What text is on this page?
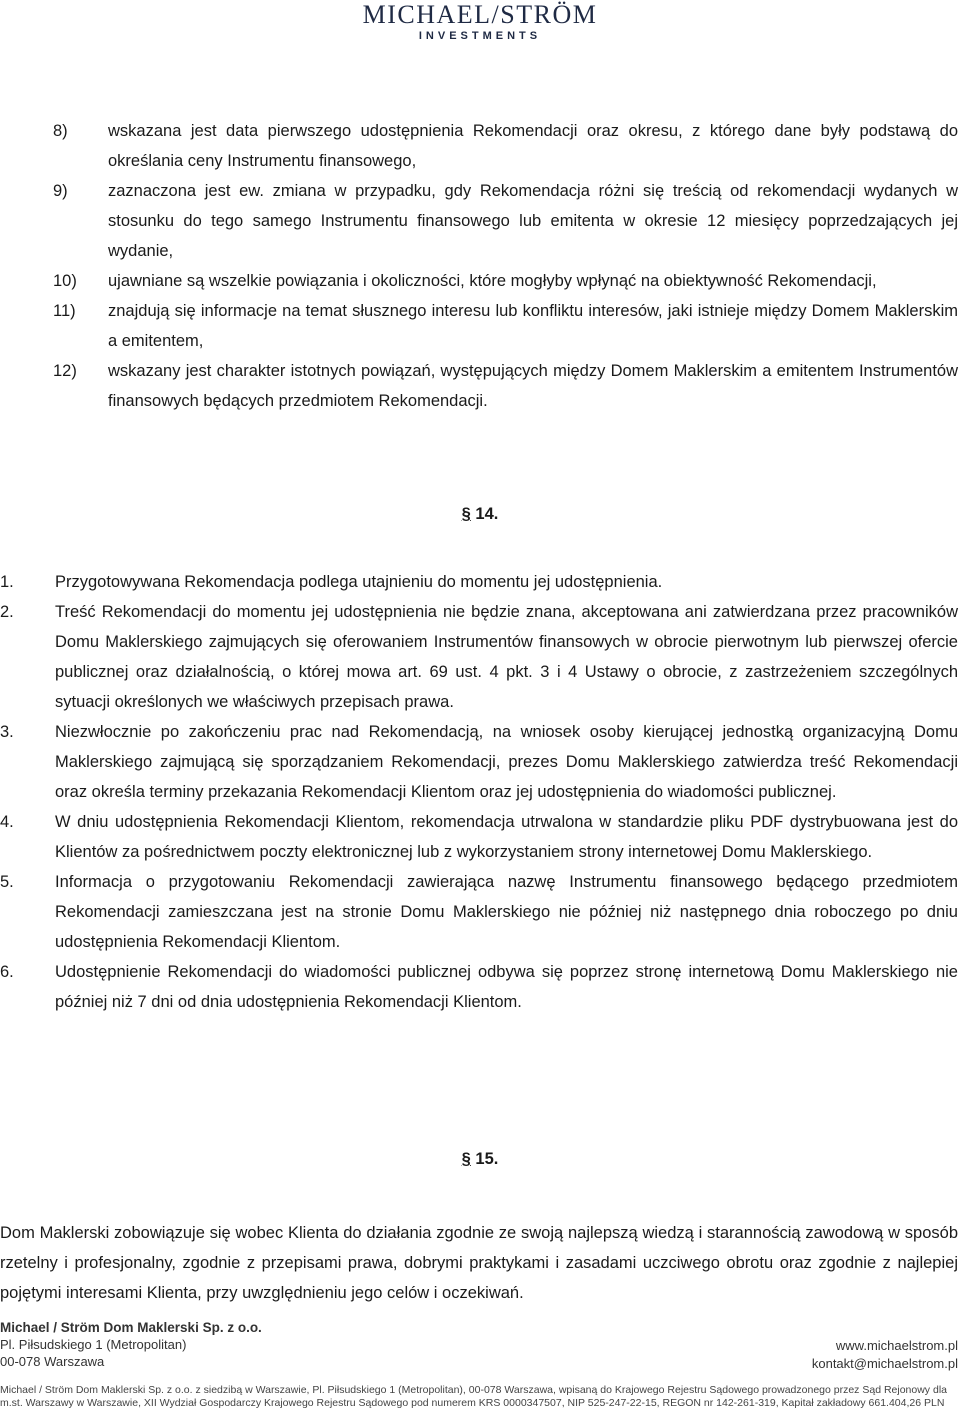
MICHAEL/STRÖM
INVESTMENTS
8) wskazana jest data pierwszego udostępnienia Rekomendacji oraz okresu, z którego dane były podstawą do określania ceny Instrumentu finansowego,
9) zaznaczona jest ew. zmiana w przypadku, gdy Rekomendacja różni się treścią od rekomendacji wydanych w stosunku do tego samego Instrumentu finansowego lub emitenta w okresie 12 miesięcy poprzedzających jej wydanie,
10) ujawniane są wszelkie powiązania i okoliczności, które mogłyby wpłynąć na obiektywność Rekomendacji,
11) znajdują się informacje na temat słusznego interesu lub konfliktu interesów, jaki istnieje między Domem Maklerskim a emitentem,
12) wskazany jest charakter istotnych powiązań, występujących między Domem Maklerskim a emitentem Instrumentów finansowych będących przedmiotem Rekomendacji.
§ 14.
1. Przygotowywana Rekomendacja podlega utajnieniu do momentu jej udostępnienia.
2. Treść Rekomendacji do momentu jej udostępnienia nie będzie znana, akceptowana ani zatwierdzana przez pracowników Domu Maklerskiego zajmujących się oferowaniem Instrumentów finansowych w obrocie pierwotnym lub pierwszej ofercie publicznej oraz działalnością, o której mowa art. 69 ust. 4 pkt. 3 i 4 Ustawy o obrocie, z zastrzeżeniem szczególnych sytuacji określonych we właściwych przepisach prawa.
3. Niezwłocznie po zakończeniu prac nad Rekomendacją, na wniosek osoby kierującej jednostką organizacyjną Domu Maklerskiego zajmującą się sporządzaniem Rekomendacji, prezes Domu Maklerskiego zatwierdza treść Rekomendacji oraz określa terminy przekazania Rekomendacji Klientom oraz jej udostępnienia do wiadomości publicznej.
4. W dniu udostępnienia Rekomendacji Klientom, rekomendacja utrwalona w standardzie pliku PDF dystrybuowana jest do Klientów za pośrednictwem poczty elektronicznej lub z wykorzystaniem strony internetowej Domu Maklerskiego.
5. Informacja o przygotowaniu Rekomendacji zawierająca nazwę Instrumentu finansowego będącego przedmiotem Rekomendacji zamieszczana jest na stronie Domu Maklerskiego nie później niż następnego dnia roboczego po dniu udostępnienia Rekomendacji Klientom.
6. Udostępnienie Rekomendacji do wiadomości publicznej odbywa się poprzez stronę internetową Domu Maklerskiego nie później niż 7 dni od dnia udostępnienia Rekomendacji Klientom.
§ 15.
Dom Maklerski zobowiązuje się wobec Klienta do działania zgodnie ze swoją najlepszą wiedzą i starannością zawodową w sposób rzetelny i profesjonalny, zgodnie z przepisami prawa, dobrymi praktykami i zasadami uczciwego obrotu oraz zgodnie z najlepiej pojętymi interesami Klienta, przy uwzględnieniu jego celów i oczekiwań.
Michael / Ström Dom Maklerski Sp. z o.o.
Pl. Piłsudskiego 1 (Metropolitan)
00-078 Warszawa
www.michaelstrom.pl
kontakt@michaelstrom.pl
Michael / Ström Dom Maklerski Sp. z o.o. z siedzibą w Warszawie, Pl. Piłsudskiego 1 (Metropolitan), 00-078 Warszawa, wpisaną do Krajowego Rejestru Sądowego prowadzonego przez Sąd Rejonowy dla m.st. Warszawy w Warszawie, XII Wydział Gospodarczy Krajowego Rejestru Sądowego pod numerem KRS 0000347507, NIP 525-247-22-15, REGON nr 142-261-319, Kapitał zakładowy 661.404,26 PLN
